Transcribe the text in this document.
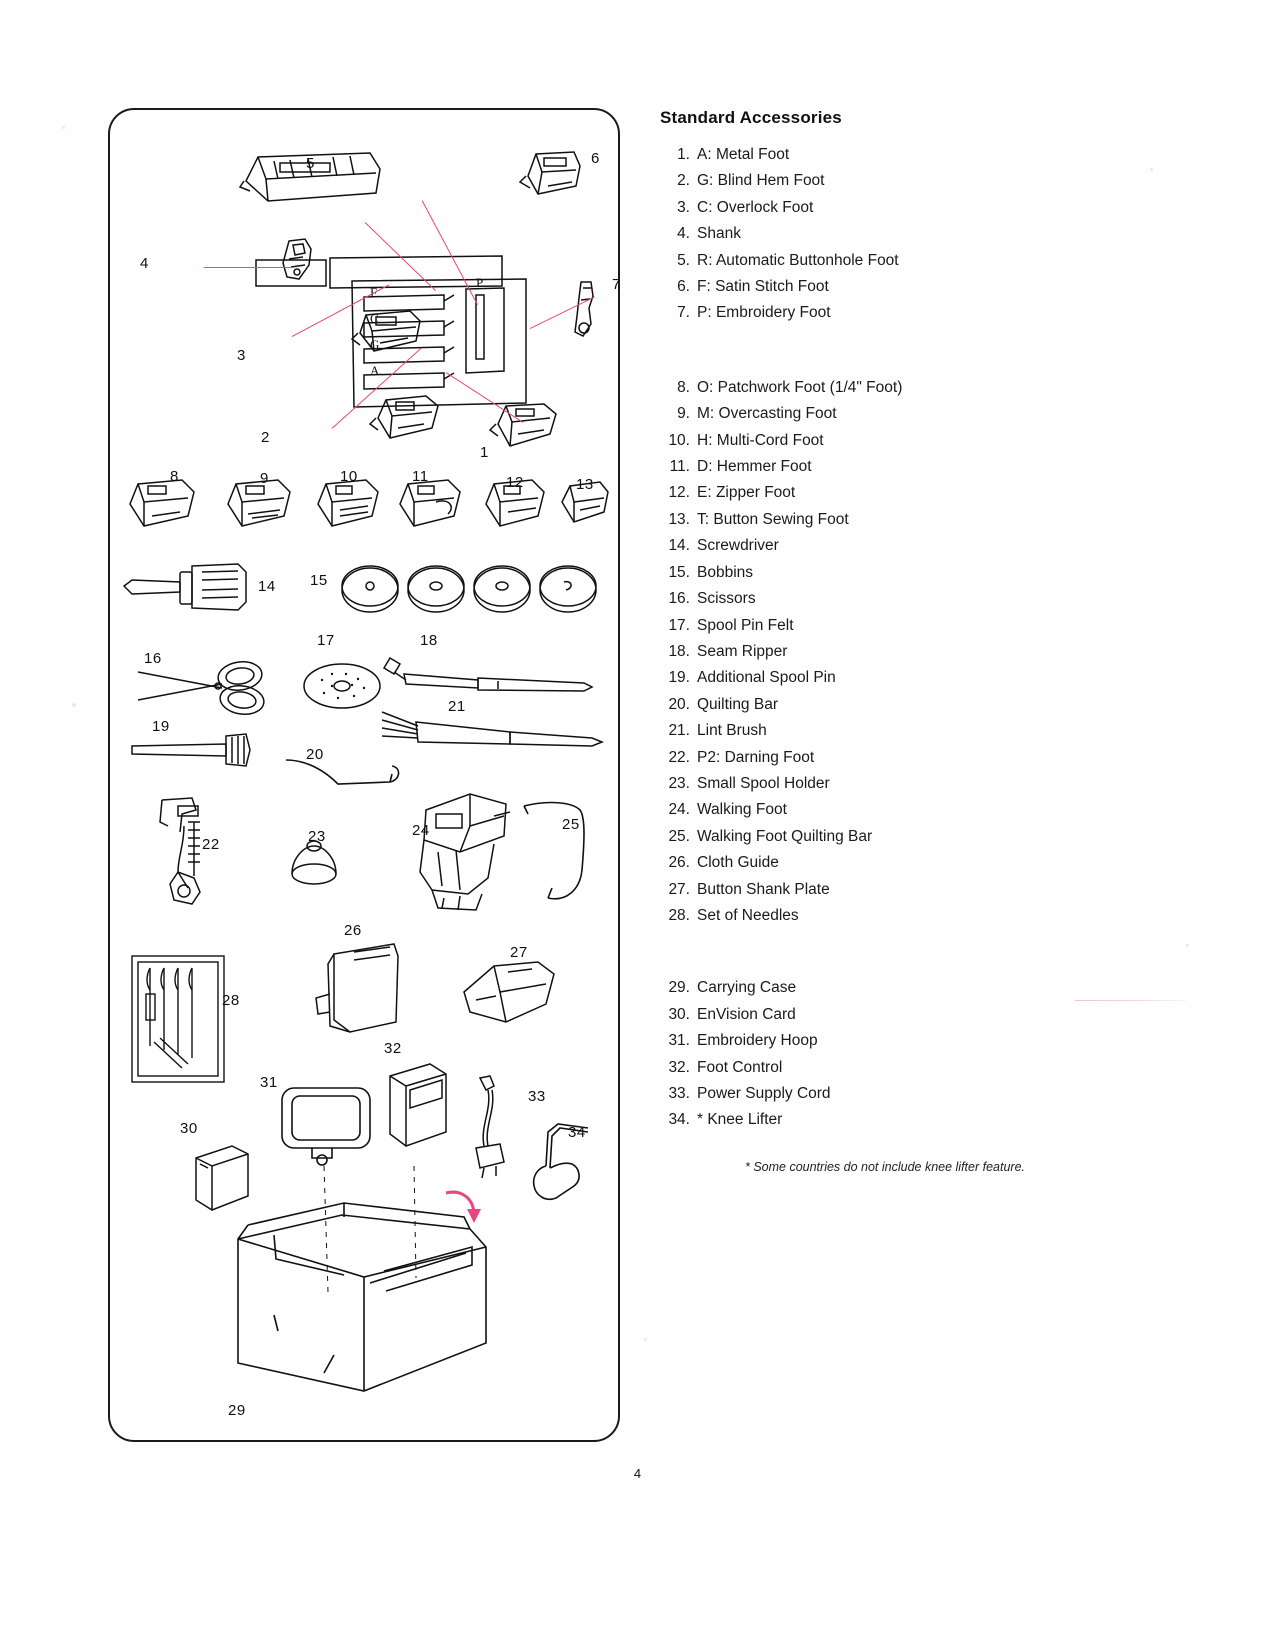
5	6
4
3
2
1
7
C
G
A
P
8	9	10	11	12	13
14 15
16
17	18
19
20
21
22	23	24	25
28
26
27
30
31
32
33
34
29
Standard Accessories
1. A: Metal Foot
2. G: Blind Hem Foot
3. C: Overlock Foot
4. Shank
5. R: Automatic Buttonhole Foot
6. F: Satin Stitch Foot
7. P: Embroidery Foot
8. O: Patchwork Foot (1/4" Foot)
9. M: Overcasting Foot
10. H: Multi-Cord Foot
11. D: Hemmer Foot
12. E: Zipper Foot
13. T: Button Sewing Foot
14. Screwdriver
15. Bobbins
16. Scissors
17. Spool Pin Felt
18. Seam Ripper
19. Additional Spool Pin
20. Quilting Bar
21. Lint Brush
22. P2: Darning Foot
23. Small Spool Holder
24. Walking Foot
25. Walking Foot Quilting Bar
26. Cloth Guide
27. Button Shank Plate
28. Set of Needles
29. Carrying Case
30. EnVision Card
31. Embroidery Hoop
32. Foot Control
33. Power Supply Cord
34. * Knee Lifter
* Some countries do not include knee lifter feature.
4
